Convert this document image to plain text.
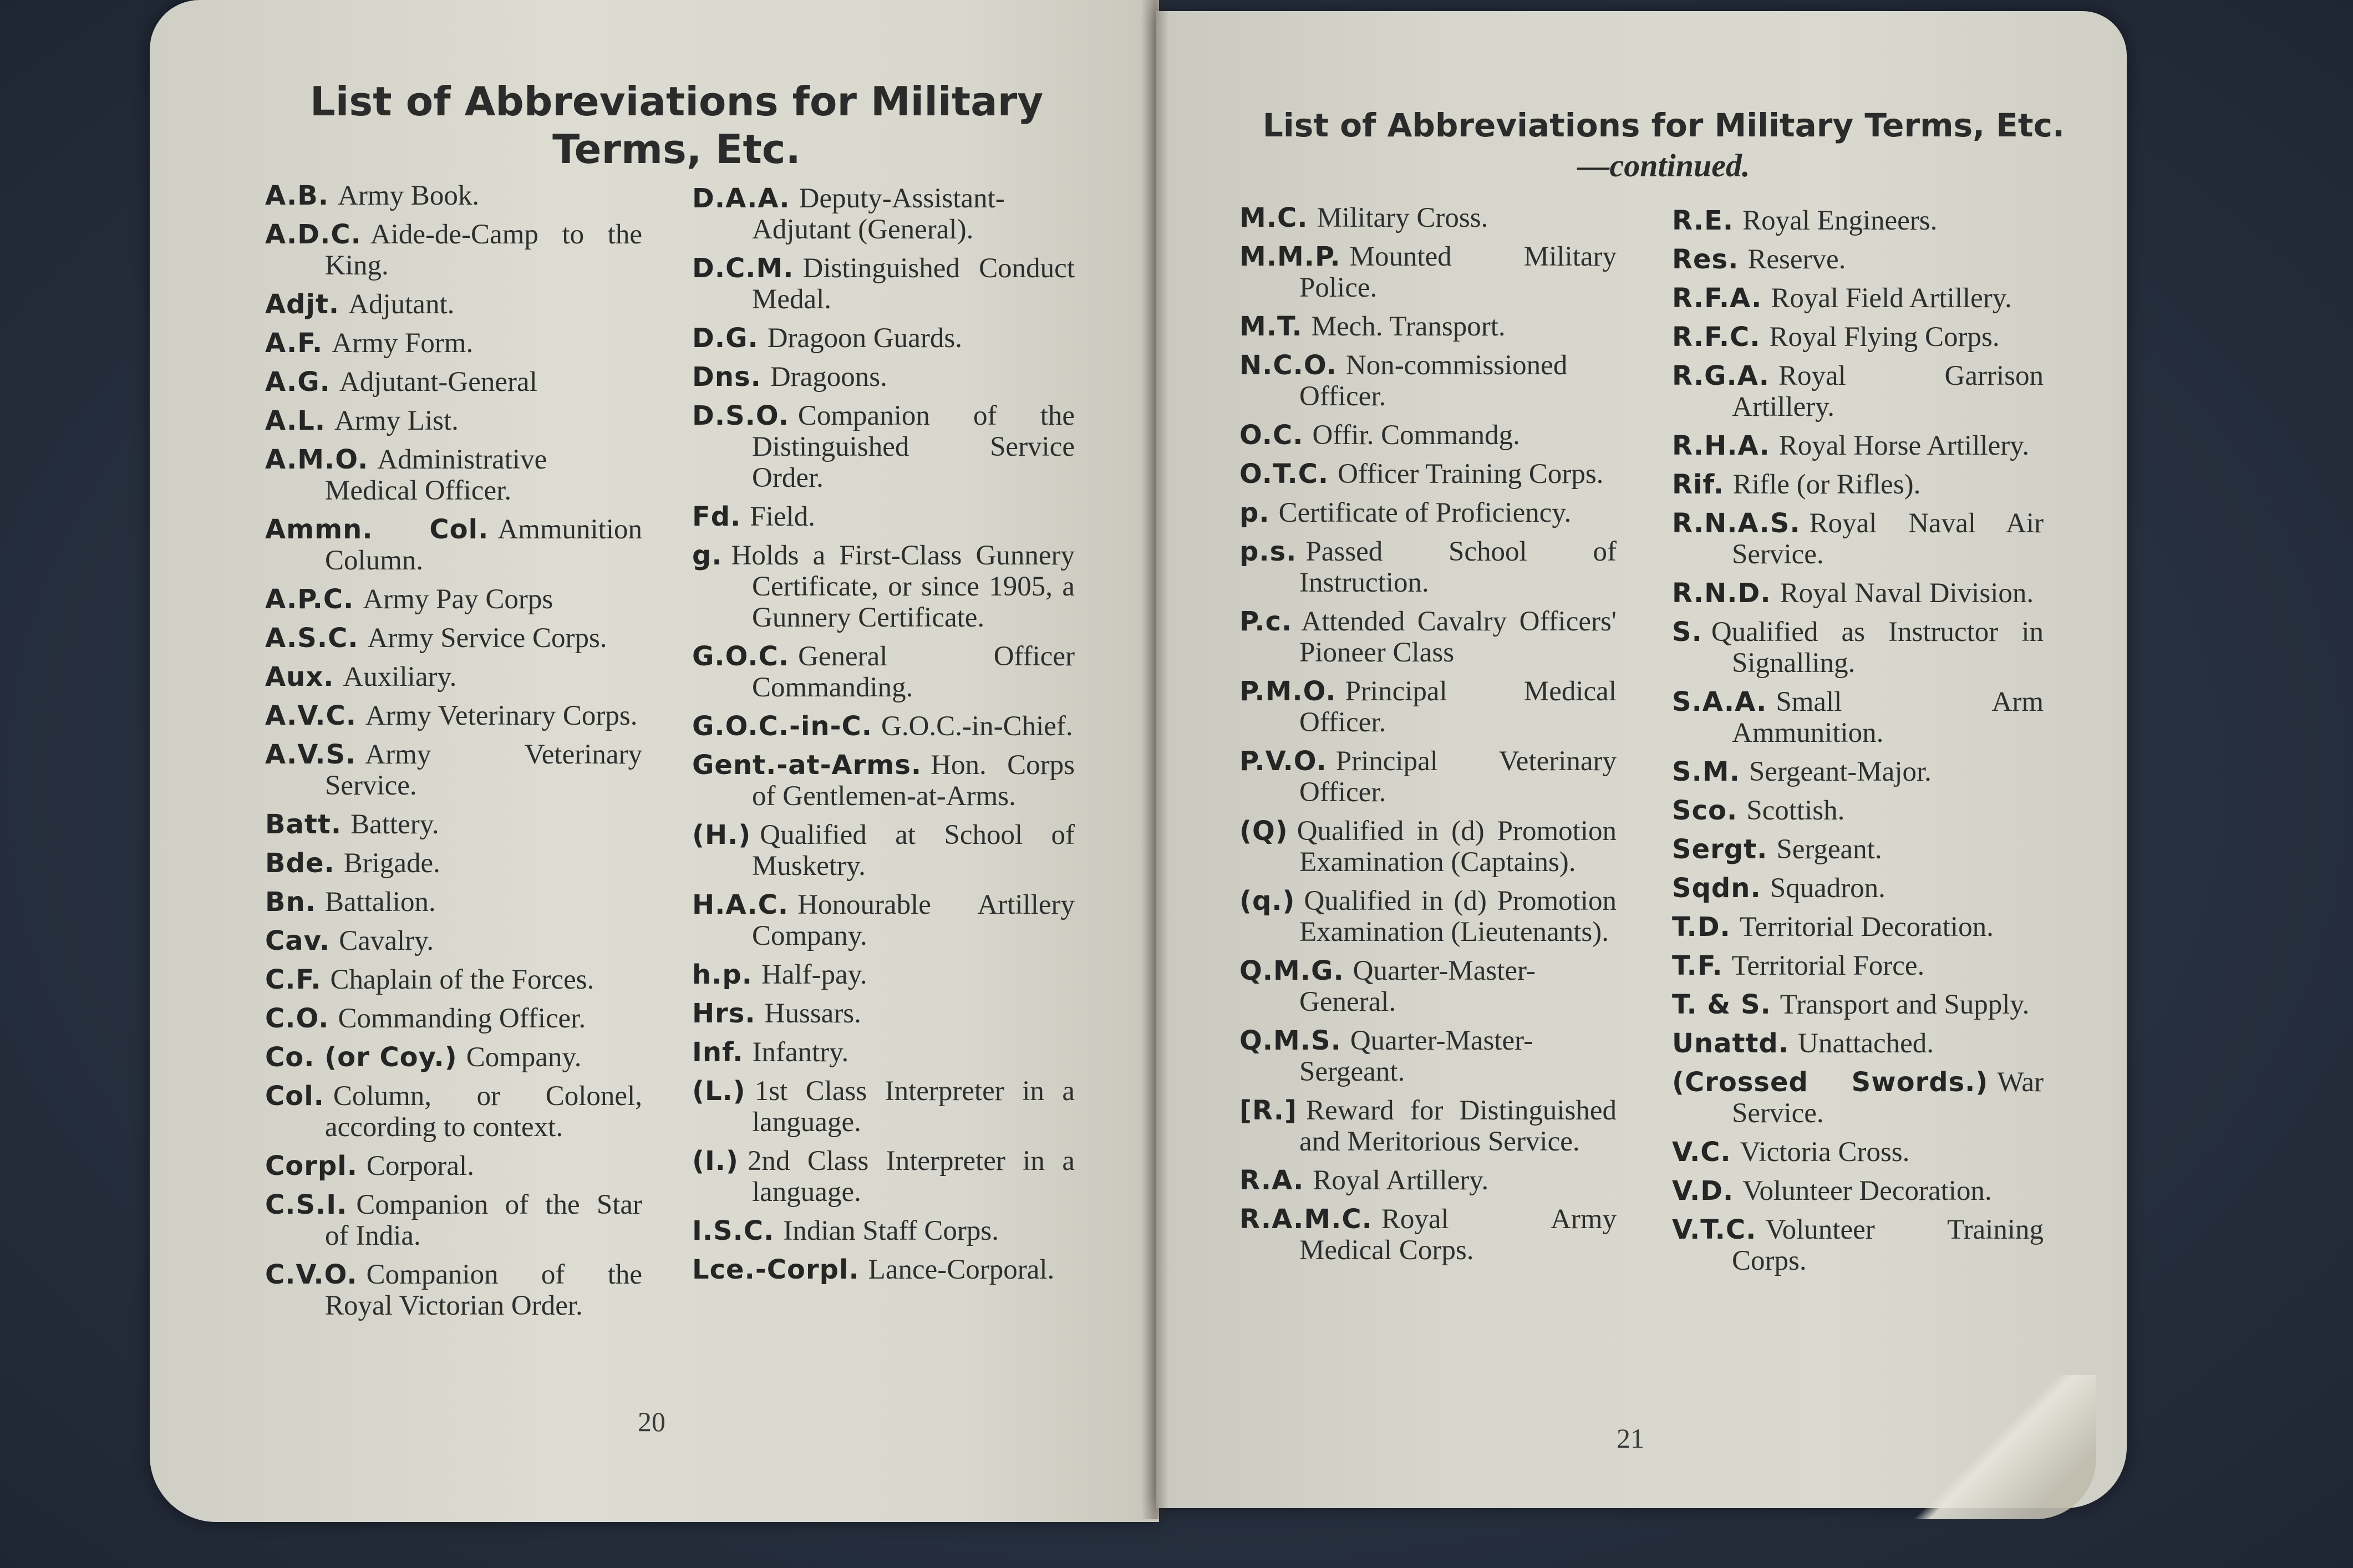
List of Abbreviations for Military Terms, Etc.
List of Abbreviations for Military Terms, Etc.—continued.
A.B. Army Book.
A.D.C. Aide-de-Camp to the King.
Adjt. Adjutant.
A.F. Army Form.
A.G. Adjutant-General
A.L. Army List.
A.M.O. Administrative Medical Officer.
Ammn. Col. Ammunition Column.
A.P.C. Army Pay Corps
A.S.C. Army Service Corps.
Aux. Auxiliary.
A.V.C. Army Veterinary Corps.
A.V.S. Army Veterinary Service.
Batt. Battery.
Bde. Brigade.
Bn. Battalion.
Cav. Cavalry.
C.F. Chaplain of the Forces.
C.O. Commanding Officer.
Co. (or Coy.) Company.
Col. Column, or Colonel, according to context.
Corpl. Corporal.
C.S.I. Companion of the Star of India.
C.V.O. Companion of the Royal Victorian Order.
D.A.A. Deputy-Assistant-Adjutant (General).
D.C.M. Distinguished Conduct Medal.
D.G. Dragoon Guards.
Dns. Dragoons.
D.S.O. Companion of the Distinguished Service Order.
Fd. Field.
g. Holds a First-Class Gunnery Certificate, or since 1905, a Gunnery Certificate.
G.O.C. General Officer Commanding.
G.O.C.-in-C. G.O.C.-in-Chief.
Gent.-at-Arms. Hon. Corps of Gentlemen-at-Arms.
(H.) Qualified at School of Musketry.
H.A.C. Honourable Artillery Company.
h.p. Half-pay.
Hrs. Hussars.
Inf. Infantry.
(L.) 1st Class Interpreter in a language.
(I.) 2nd Class Interpreter in a language.
I.S.C. Indian Staff Corps.
Lce.-Corpl. Lance-Corporal.
M.C. Military Cross.
M.M.P. Mounted Military Police.
M.T. Mech. Transport.
N.C.O. Non-commissioned Officer.
O.C. Offir. Commandg.
O.T.C. Officer Training Corps.
p. Certificate of Proficiency.
p.s. Passed School of Instruction.
P.c. Attended Cavalry Officers' Pioneer Class
P.M.O. Principal Medical Officer.
P.V.O. Principal Veterinary Officer.
(Q) Qualified in (d) Promotion Examination (Captains).
(q.) Qualified in (d) Promotion Examination (Lieutenants).
Q.M.G. Quarter-Master-General.
Q.M.S. Quarter-Master-Sergeant.
[R.] Reward for Distinguished and Meritorious Service.
R.A. Royal Artillery.
R.A.M.C. Royal Army Medical Corps.
R.E. Royal Engineers.
Res. Reserve.
R.F.A. Royal Field Artillery.
R.F.C. Royal Flying Corps.
R.G.A. Royal Garrison Artillery.
R.H.A. Royal Horse Artillery.
Rif. Rifle (or Rifles).
R.N.A.S. Royal Naval Air Service.
R.N.D. Royal Naval Division.
S. Qualified as Instructor in Signalling.
S.A.A. Small Arm Ammunition.
S.M. Sergeant-Major.
Sco. Scottish.
Sergt. Sergeant.
Sqdn. Squadron.
T.D. Territorial Decoration.
T.F. Territorial Force.
T. & S. Transport and Supply.
Unattd. Unattached.
(Crossed Swords.) War Service.
V.C. Victoria Cross.
V.D. Volunteer Decoration.
V.T.C. Volunteer Training Corps.
20
21
